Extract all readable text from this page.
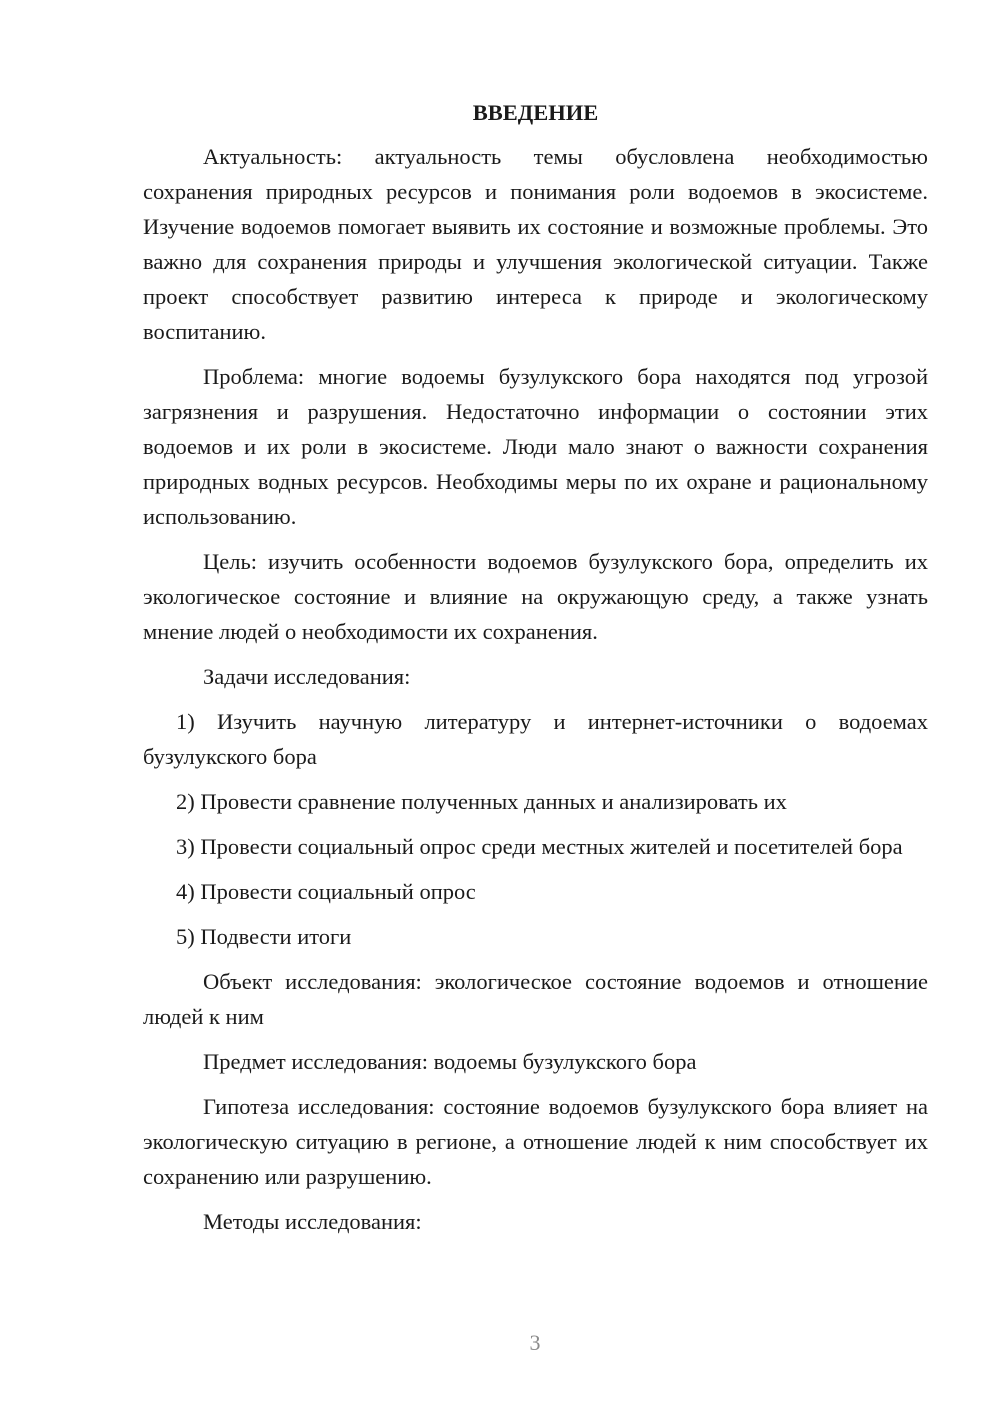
ВВЕДЕНИЕ

Актуальность: актуальность темы обусловлена необходимостью сохранения природных ресурсов и понимания роли водоемов в экосистеме. Изучение водоемов помогает выявить их состояние и возможные проблемы. Это важно для сохранения природы и улучшения экологической ситуации. Также проект способствует развитию интереса к природе и экологическому воспитанию.

Проблема: многие водоемы бузулукского бора находятся под угрозой загрязнения и разрушения. Недостаточно информации о состоянии этих водоемов и их роли в экосистеме. Люди мало знают о важности сохранения природных водных ресурсов. Необходимы меры по их охране и рациональному использованию.

Цель: изучить особенности водоемов бузулукского бора, определить их экологическое состояние и влияние на окружающую среду, а также узнать мнение людей о необходимости их сохранения.

Задачи исследования:

1) Изучить научную литературу и интернет-источники о водоемах бузулукского бора

2) Провести сравнение полученных данных и анализировать их

3) Провести социальный опрос среди местных жителей и посетителей бора

4) Провести социальный опрос

5) Подвести итоги

Объект исследования: экологическое состояние водоемов и отношение людей к ним

Предмет исследования: водоемы бузулукского бора

Гипотеза исследования: состояние водоемов бузулукского бора влияет на экологическую ситуацию в регионе, а отношение людей к ним способствует их сохранению или разрушению.

Методы исследования:

3
